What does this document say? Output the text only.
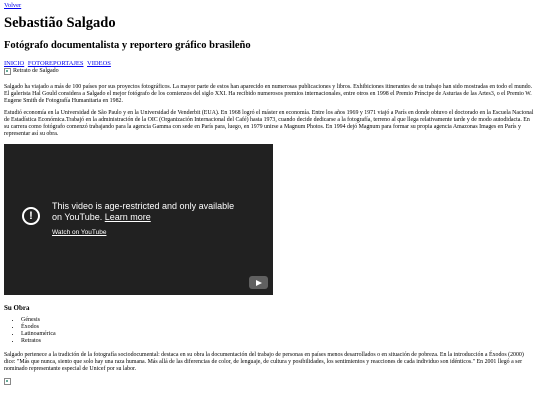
Volver
Sebastião Salgado
Fotógrafo documentalista y reportero gráfico brasileño
INICIO FOTOREPORTAJES VIDEOS
Retrato de Salgado

Salgado ha viajado a más de 100 países por sus proyectos fotográficos. La mayor parte de estos han aparecido en numerosas publicaciones y libros. Exhibiciones itinerantes de su trabajo han sido mostradas en todo el mundo. El galerista Hal Gould considera a Salgado el mejor fotógrafo de los comienzos del siglo XXI. Ha recibido numerosos premios internacionales, entre otros en 1998 el Premio Príncipe de Asturias de las Artes3, o el Premio W. Eugene Smith de Fotografía Humanitaria en 1982.

Estudió economía en la Universidad de São Paulo y en la Universidad de Venderbit (EUA). En 1968 logró el máster en economía. Entre los años 1969 y 1971 viajó a París en donde obtuvo el doctorado en la Escuela Nacional de Estadística Económica.Trabajó en la administración de la OIC (Organización Internacional del Café) hasta 1973, cuando decide dedicarse a la fotografía, terreno al que llega relativamente tarde y de modo autodidacta. En su carrera como fotógrafo comenzó trabajando para la agencia Gamma con sede en París para, luego, en 1979 unirse a Magnum Photos. En 1994 dejó Magnum para formar su propia agencia Amazonas Images en París y representar así su obra.

!
This video is age-restricted and only available
on YouTube. Learn more
Watch on YouTube
Su Obra
• Génesis
• Éxodos
• Latinoamérica
• Retratos

Salgado pertenece a la tradición de la fotografía sociodocumental: destaca en su obra la documentación del trabajo de personas en países menos desarrollados o en situación de pobreza. En la introducción a Éxodos (2000) dice: "Más que nunca, siento que solo hay una raza humana. Más allá de las diferencias de color, de lenguaje, de cultura y posibilidades, los sentimientos y reacciones de cada individuo son idénticos." En 2001 llegó a ser nominado representante especial de Unicef por su labor.
